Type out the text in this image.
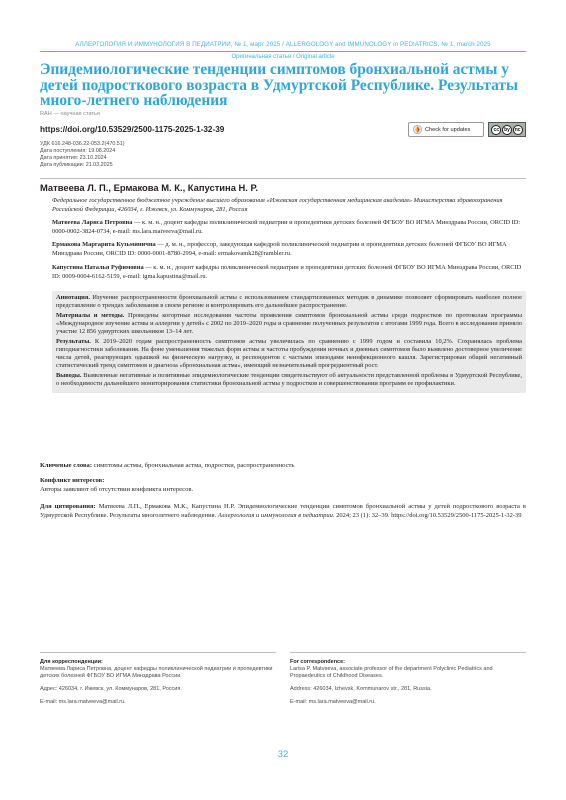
АЛЛЕРГОЛОГИЯ И ИММУНОЛОГИЯ В ПЕДИАТРИИ, № 1, март 2025 / ALLERGOLOGY and IMMUNOLOGY in PEDIATRICS, № 1, march 2025
Оригинальная статья / Original article
Эпидемиологические тенденции симптомов бронхиальной астмы у детей подросткового возраста в Удмуртской Республике. Результаты много-летнего наблюдения
RAH — научная статья
https://doi.org/10.53529/2500-1175-2025-1-32-39	Check for updates	cc by nc
УДК 616.248-036.22-053.2(470.51)
Дата поступления: 19.08.2024
Дата принятия: 23.10.2024
Дата публикации: 21.03.2025
Матвеева Л. П., Ермакова М. К., Капустина Н. Р.
Федеральное государственное бюджетное учреждение высшего образования «Ижевская государственная медицинская академия» Министерства здравоохранения Российской Федерации, 426034, г. Ижевск, ул. Коммунаров, 281, Россия
Матвеева Лариса Петровна — к. м. н., доцент кафедры поликлинической педиатрии и пропедевтики детских болезней ФГБОУ ВО ИГМА Минздрава России, ORCID ID: 0000-0002-3824-0734, e-mail: ms.lara.matveeva@mail.ru.
Ермакова Маргарита Кузьминична — д. м. н., профессор, заведующая кафедрой поликлинической педиатрии и пропедевтики детских болезней ФГБОУ ВО ИГМА Минздрава России, ORCID ID: 0000-0001-8780-2994, e-mail: ermakovamk28@rambler.ru.
Капустина Наталья Руфимовна — к. м. н., доцент кафедры поликлинической педиатрии и пропедевтики детских болезней ФГБОУ ВО ИГМА Минздрава России, ORCID ID: 0009-0004-6162-5159, e-mail: igma.kapustina@mail.ru.

Аннотация. Изучение распространенности бронхиальной астмы с использованием стандартизованных методик в динамике позволяет сформировать наиболее полное представление о трендах заболевания в своем регионе и контролировать его дальнейшее распространение.

Материалы и методы. Проведены когортные исследования частоты проявления симптомов бронхиальной астмы среди подростков по протоколам программы «Международное изучение астмы и аллергии у детей» с 2002 по 2019–2020 годы и сравнение полученных результатов с итогами 1999 года. Всего в исследовании приняло участие 12 856 удмуртских школьников 13–14 лет.

Результаты. К 2019–2020 годам распространенность симптомов астмы увеличилась по сравнению с 1999 годом и составила 10,2%. Сохранялась проблема гиподиагностики заболевания. На фоне уменьшения тяжелых форм астмы и частоты пробуждения ночных и дневных симптомов было выявлено достоверное увеличение числа детей, реагирующих одышкой на физическую нагрузку, и респондентов с частыми эпизодами неинфекционного кашля. Зарегистрирован общий негативный статистический тренд симптомов и диагноза «бронхиальная астма», имеющий незначительный прогредиентный рост.

Выводы. Выявленные негативные и позитивные эпидемиологические тенденции свидетельствуют об актуальности представленной проблемы в Удмуртской Республике, о необходимости дальнейшего мониторирования статистики бронхиальной астмы у подростков и совершенствовании программ ее профилактики.

Ключевые слова: симптомы астмы, бронхиальная астма, подростки, распространенность
Конфликт интересов:
Авторы заявляют об отсутствии конфликта интересов.
Для цитирования: Матвеева Л.П., Ермакова М.К., Капустина Н.Р. Эпидемиологические тенденции симптомов бронхиальной астмы у детей подросткового возраста в Удмуртской Республике. Результаты многолетнего наблюдения. Аллергология и иммунология в педиатрии. 2024; 23 (1): 32–39. https://doi.org/10.53529/2500-1175-2025-1-32-39
Для корреспонденции:
Матвеева Лариса Петровна, доцент кафедры поликлинической педиатрии и пропедевтики детских болезней ФГБОУ ВО ИГМА Минздрава России.
Адрес: 426034, г. Ижевск, ул. Коммунаров, 281, Россия.
E-mail: ms.lara.matveeva@mail.ru.
For correspondence:
Larisa P. Matveeva, associate professor of the department Polyclinic Pediatrics and Propaedeutics of Childhood Diseases.
Address: 426034, Izhevsk, Kommunarov str., 281, Russia.
E-mail: ms.lara.matveeva@mail.ru.
32
